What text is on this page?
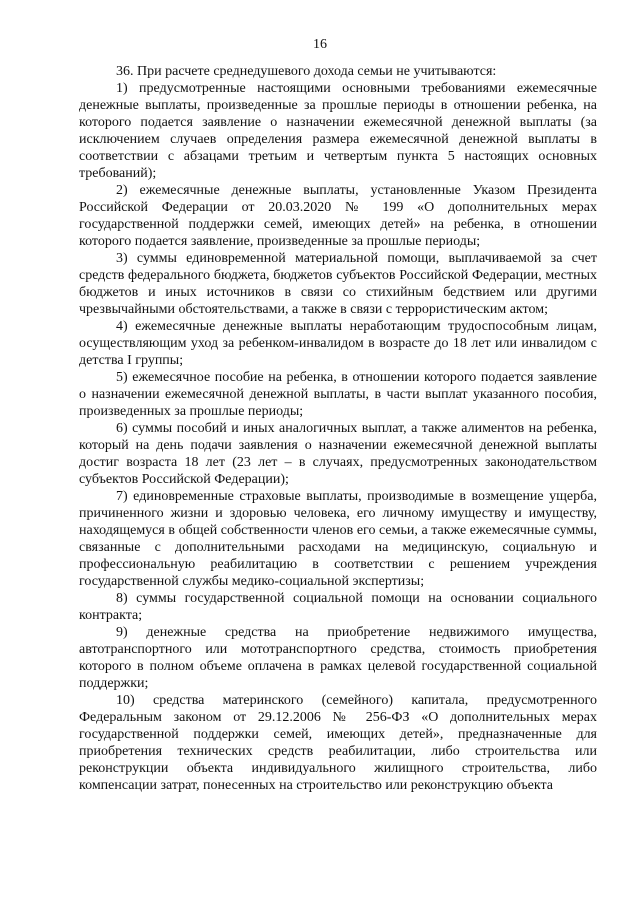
16

36. При расчете среднедушевого дохода семьи не учитываются:

1) предусмотренные настоящими основными требованиями ежемесячные денежные выплаты, произведенные за прошлые периоды в отношении ребенка, на которого подается заявление о назначении ежемесячной денежной выплаты (за исключением случаев определения размера ежемесячной денежной выплаты в соответствии с абзацами третьим и четвертым пункта 5 настоящих основных требований);

2) ежемесячные денежные выплаты, установленные Указом Президента Российской Федерации от 20.03.2020 № 199 «О дополнительных мерах государственной поддержки семей, имеющих детей» на ребенка, в отношении которого подается заявление, произведенные за прошлые периоды;

3) суммы единовременной материальной помощи, выплачиваемой за счет средств федерального бюджета, бюджетов субъектов Российской Федерации, местных бюджетов и иных источников в связи со стихийным бедствием или другими чрезвычайными обстоятельствами, а также в связи с террористическим актом;

4) ежемесячные денежные выплаты неработающим трудоспособным лицам, осуществляющим уход за ребенком-инвалидом в возрасте до 18 лет или инвалидом с детства I группы;

5) ежемесячное пособие на ребенка, в отношении которого подается заявление о назначении ежемесячной денежной выплаты, в части выплат указанного пособия, произведенных за прошлые периоды;

6) суммы пособий и иных аналогичных выплат, а также алиментов на ребенка, который на день подачи заявления о назначении ежемесячной денежной выплаты достиг возраста 18 лет (23 лет – в случаях, предусмотренных законодательством субъектов Российской Федерации);

7) единовременные страховые выплаты, производимые в возмещение ущерба, причиненного жизни и здоровью человека, его личному имуществу и имуществу, находящемуся в общей собственности членов его семьи, а также ежемесячные суммы, связанные с дополнительными расходами на медицинскую, социальную и профессиональную реабилитацию в соответствии с решением учреждения государственной службы медико-социальной экспертизы;

8) суммы государственной социальной помощи на основании социального контракта;

9) денежные средства на приобретение недвижимого имущества, автотранспортного или мототранспортного средства, стоимость приобретения которого в полном объеме оплачена в рамках целевой государственной социальной поддержки;

10) средства материнского (семейного) капитала, предусмотренного Федеральным законом от 29.12.2006 № 256-ФЗ «О дополнительных мерах государственной поддержки семей, имеющих детей», предназначенные для приобретения технических средств реабилитации, либо строительства или реконструкции объекта индивидуального жилищного строительства, либо компенсации затрат, понесенных на строительство или реконструкцию объекта
